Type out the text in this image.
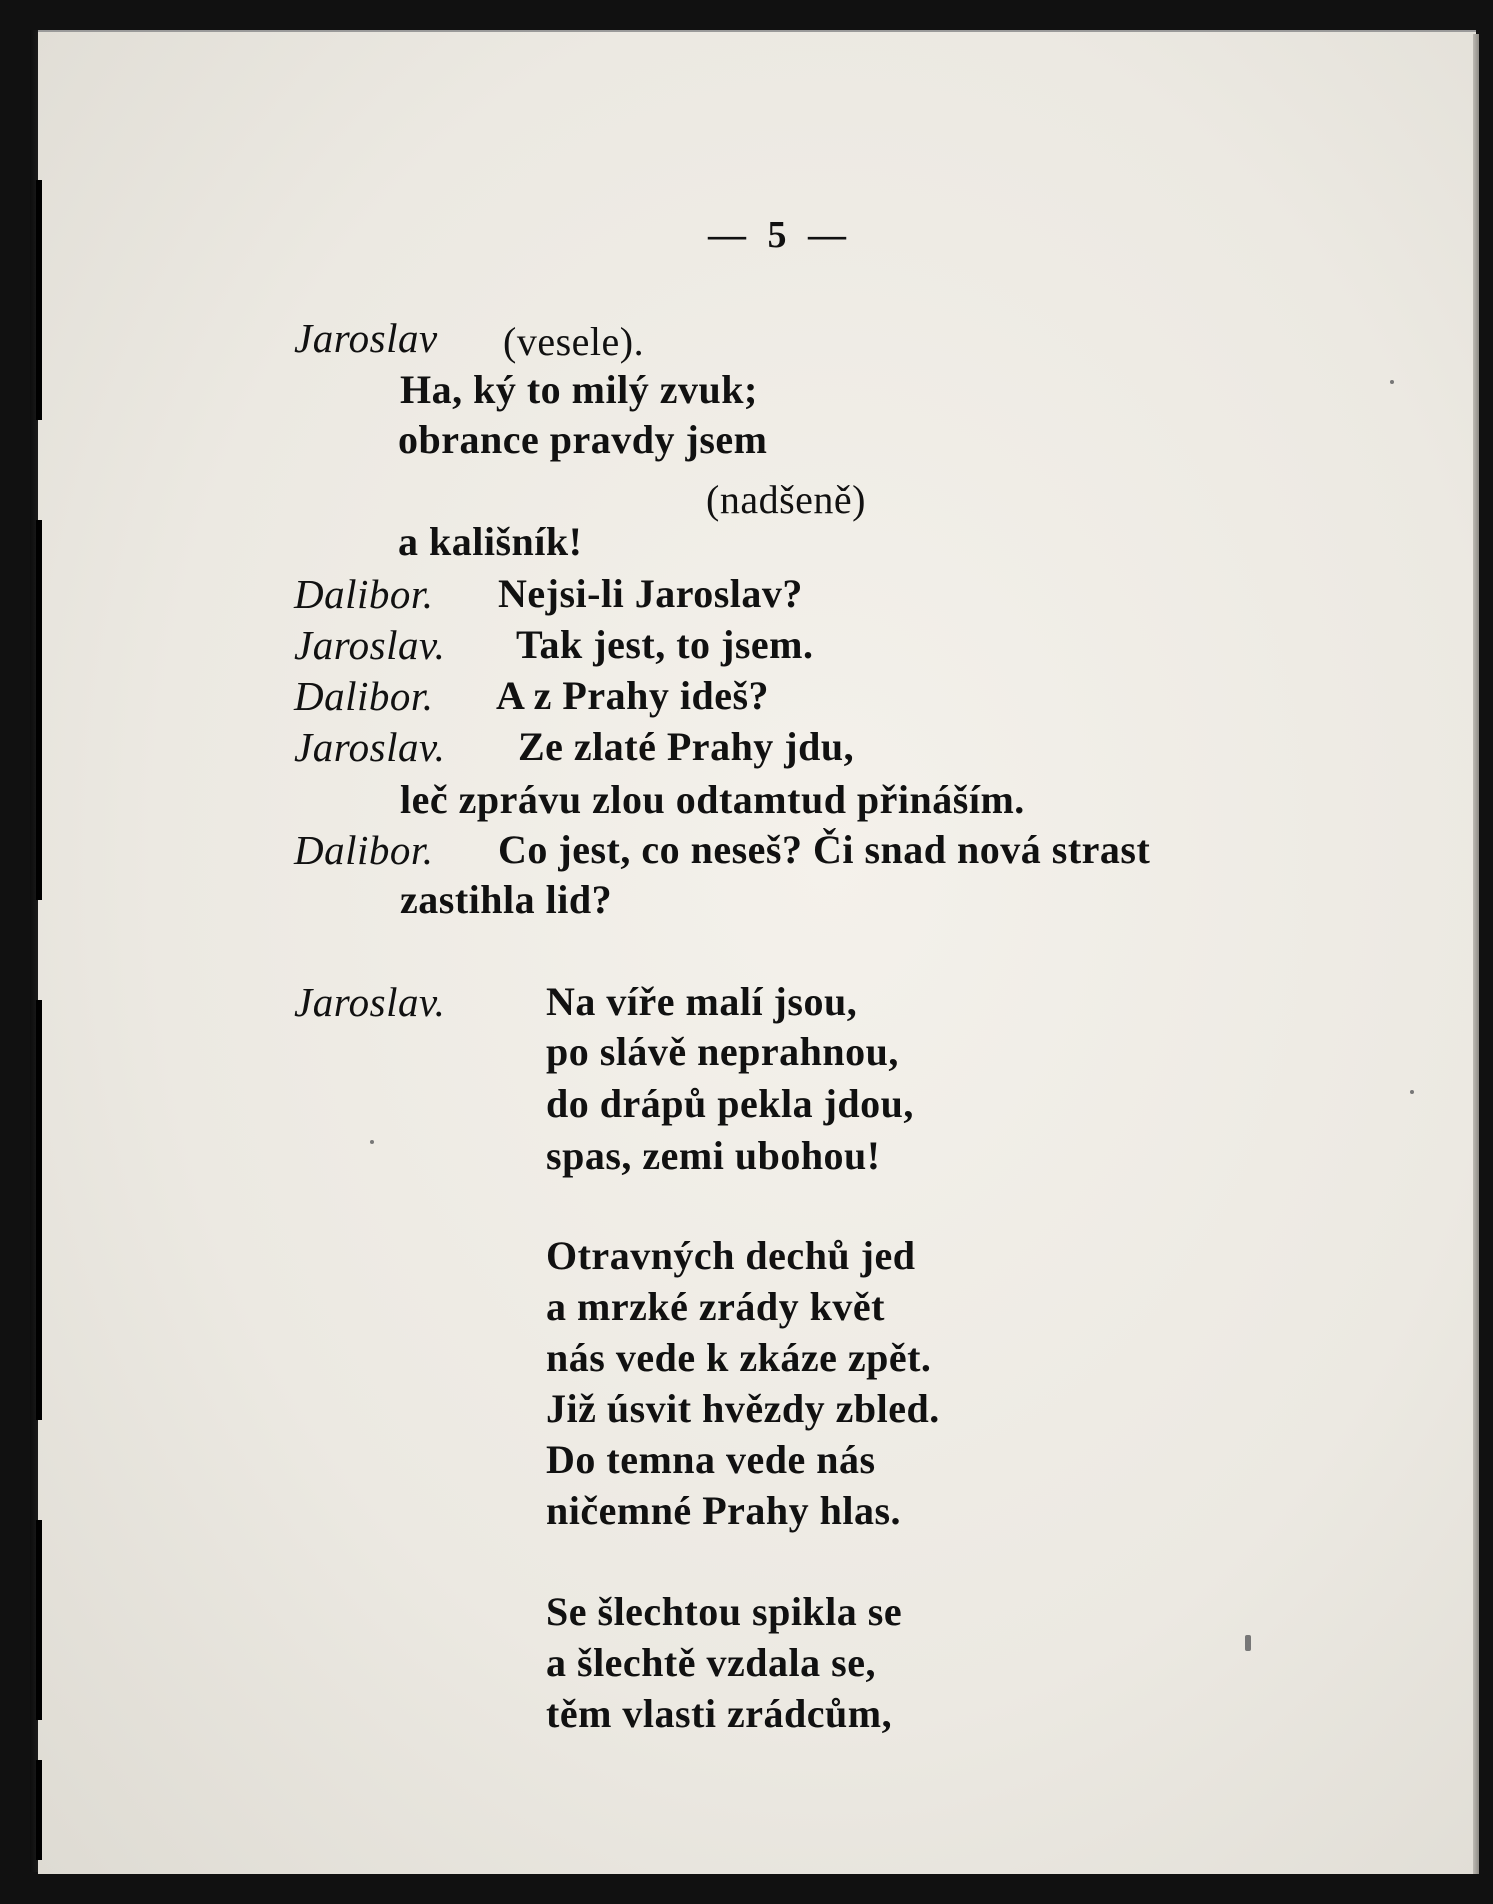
— 5 —
Jaroslav (vesele).
Ha, ký to milý zvuk;
obrance pravdy jsem
(nadšeně)
a kališník!
Dalibor. Nejsi-li Jaroslav?
Jaroslav. Tak jest, to jsem.
Dalibor. A z Prahy ideš?
Jaroslav. Ze zlaté Prahy jdu,
leč zprávu zlou odtamtud přináším.
Dalibor. Co jest, co neseš? Či snad nová strast
zastihla lid?
Jaroslav.	Na víře malí jsou,
po slávě neprahnou,
do drápů pekla jdou,
spas, zemi ubohou!
Otravných dechů jed
a mrzké zrády květ
nás vede k zkáze zpět.
Již úsvit hvězdy zbled.
Do temna vede nás
ničemné Prahy hlas.
Se šlechtou spikla se
a šlechtě vzdala se,
těm vlasti zrádcům,
